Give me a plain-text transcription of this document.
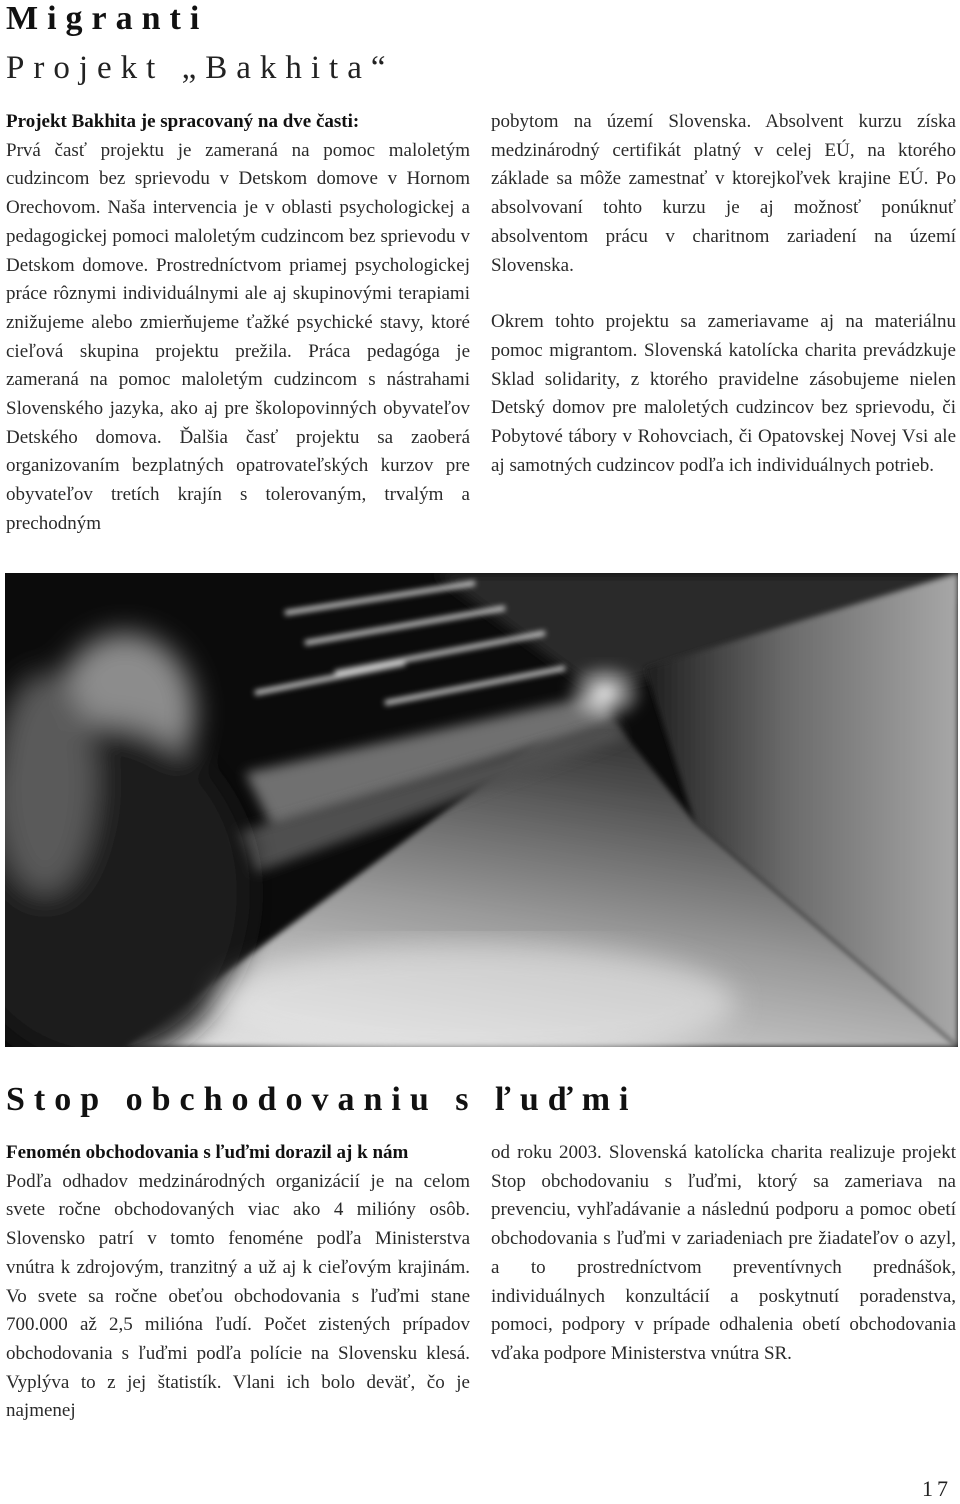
Migranti
Projekt „Bakhita“

Projekt Bakhita je spracovaný na dve časti:
Prvá časť projektu je zameraná na pomoc maloletým cudzincom bez sprievodu v Detskom domove v Hornom Orechovom. Naša intervencia je v oblasti psychologickej a pedagogickej pomoci maloletým cudzincom bez sprievodu v Detskom domove. Prostredníctvom priamej psychologickej práce rôznymi individuálnymi ale aj skupinovými terapiami znižujeme alebo zmierňujeme ťažké psychické stavy, ktoré cieľová skupina projektu prežila. Práca pedagóga je zameraná na pomoc maloletým cudzincom s nástrahami Slovenského jazyka, ako aj pre školopovinných obyvateľov Detského domova. Ďalšia časť projektu sa zaoberá organizovaním bezplatných opatrovateľských kurzov pre obyvateľov tretích krajín s tolerovaným, trvalým a prechodným

pobytom na území Slovenska. Absolvent kurzu získa medzinárodný certifikát platný v celej EÚ, na ktorého základe sa môže zamestnať v ktorejkoľvek krajine EÚ. Po absolvovaní tohto kurzu je aj možnosť ponúknuť absolventom prácu v charitnom zariadení na území Slovenska.

Okrem tohto projektu sa zameriavame aj na materiálnu pomoc migrantom. Slovenská katolícka charita prevádzkuje Sklad solidarity, z ktorého pravidelne zásobujeme nielen Detský domov pre maloletých cudzincov bez sprievodu, či Pobytové tábory v Rohovciach, či Opatovskej Novej Vsi ale aj samotných cudzincov podľa ich individuálnych potrieb.

Stop obchodovaniu s ľuďmi

Fenomén obchodovania s ľuďmi dorazil aj k nám
Podľa odhadov medzinárodných organizácií je na celom svete ročne obchodovaných viac ako 4 milióny osôb. Slovensko patrí v tomto fenoméne podľa Ministerstva vnútra k zdrojovým, tranzitný a už aj k cieľovým krajinám. Vo svete sa ročne obeťou obchodovania s ľuďmi stane 700.000 až 2,5 milióna ľudí. Počet zistených prípadov obchodovania s ľuďmi podľa polície na Slovensku klesá. Vyplýva to z jej štatistík. Vlani ich bolo deväť, čo je najmenej

od roku 2003. Slovenská katolícka charita realizuje projekt Stop obchodovaniu s ľuďmi, ktorý sa zameriava na prevenciu, vyhľadávanie a následnú podporu a pomoc obetí obchodovania s ľuďmi v zariadeniach pre žiadateľov o azyl, a to prostredníctvom preventívnych prednášok, individuálnych konzultácií a poskytnutí poradenstva, pomoci, podpory v prípade odhalenia obetí obchodovania vďaka podpore Ministerstva vnútra SR.

17
